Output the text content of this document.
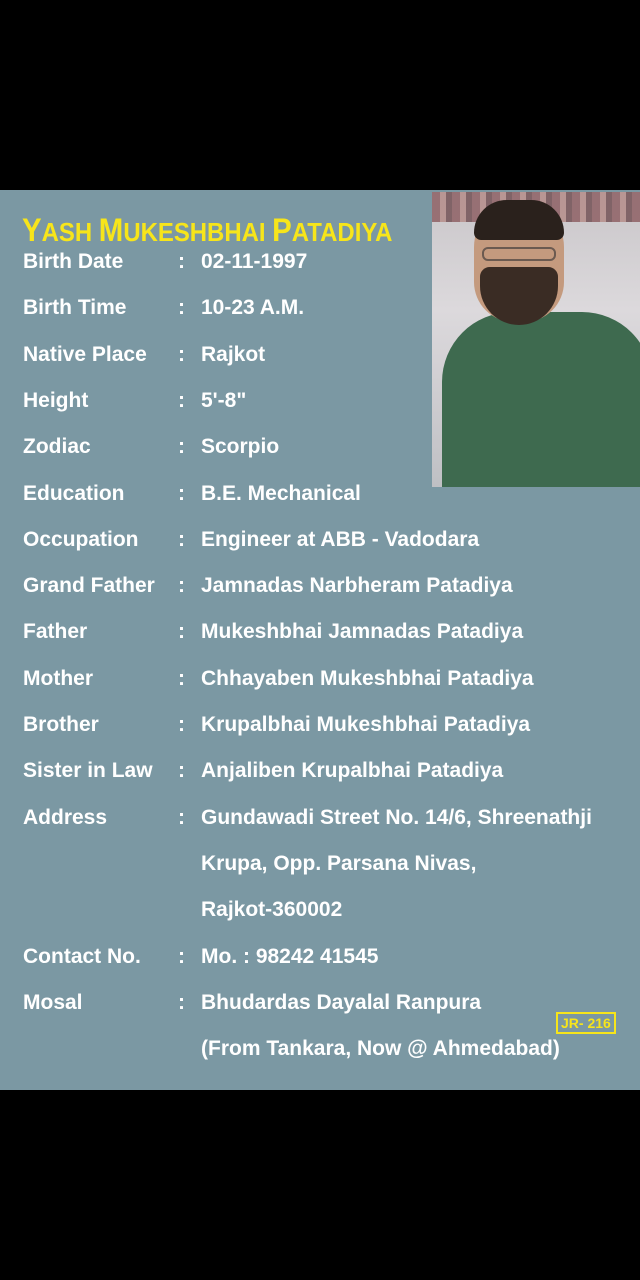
YASH MUKESHBHAI PATADIYA
Birth Date	: 02-11-1997
Birth Time : 10-23 A.M.
Native Place : Rajkot
Height	: 5'-8"
Zodiac	: Scorpio
Education	: B.E. Mechanical
Occupation : Engineer at ABB - Vadodara
Grand Father : Jamnadas Narbheram Patadiya
Father	: Mukeshbhai Jamnadas Patadiya
Mother	: Chhayaben Mukeshbhai Patadiya
Brother	: Krupalbhai Mukeshbhai Patadiya
Sister in Law : Anjaliben Krupalbhai Patadiya
Address	: Gundawadi Street No. 14/6, Shreenathji
Krupa, Opp. Parsana Nivas,
Rajkot-360002
Contact No. : Mo. : 98242 41545
Mosal	: Bhudardas Dayalal Ranpura
(From Tankara, Now @ Ahmedabad)
JR- 216
